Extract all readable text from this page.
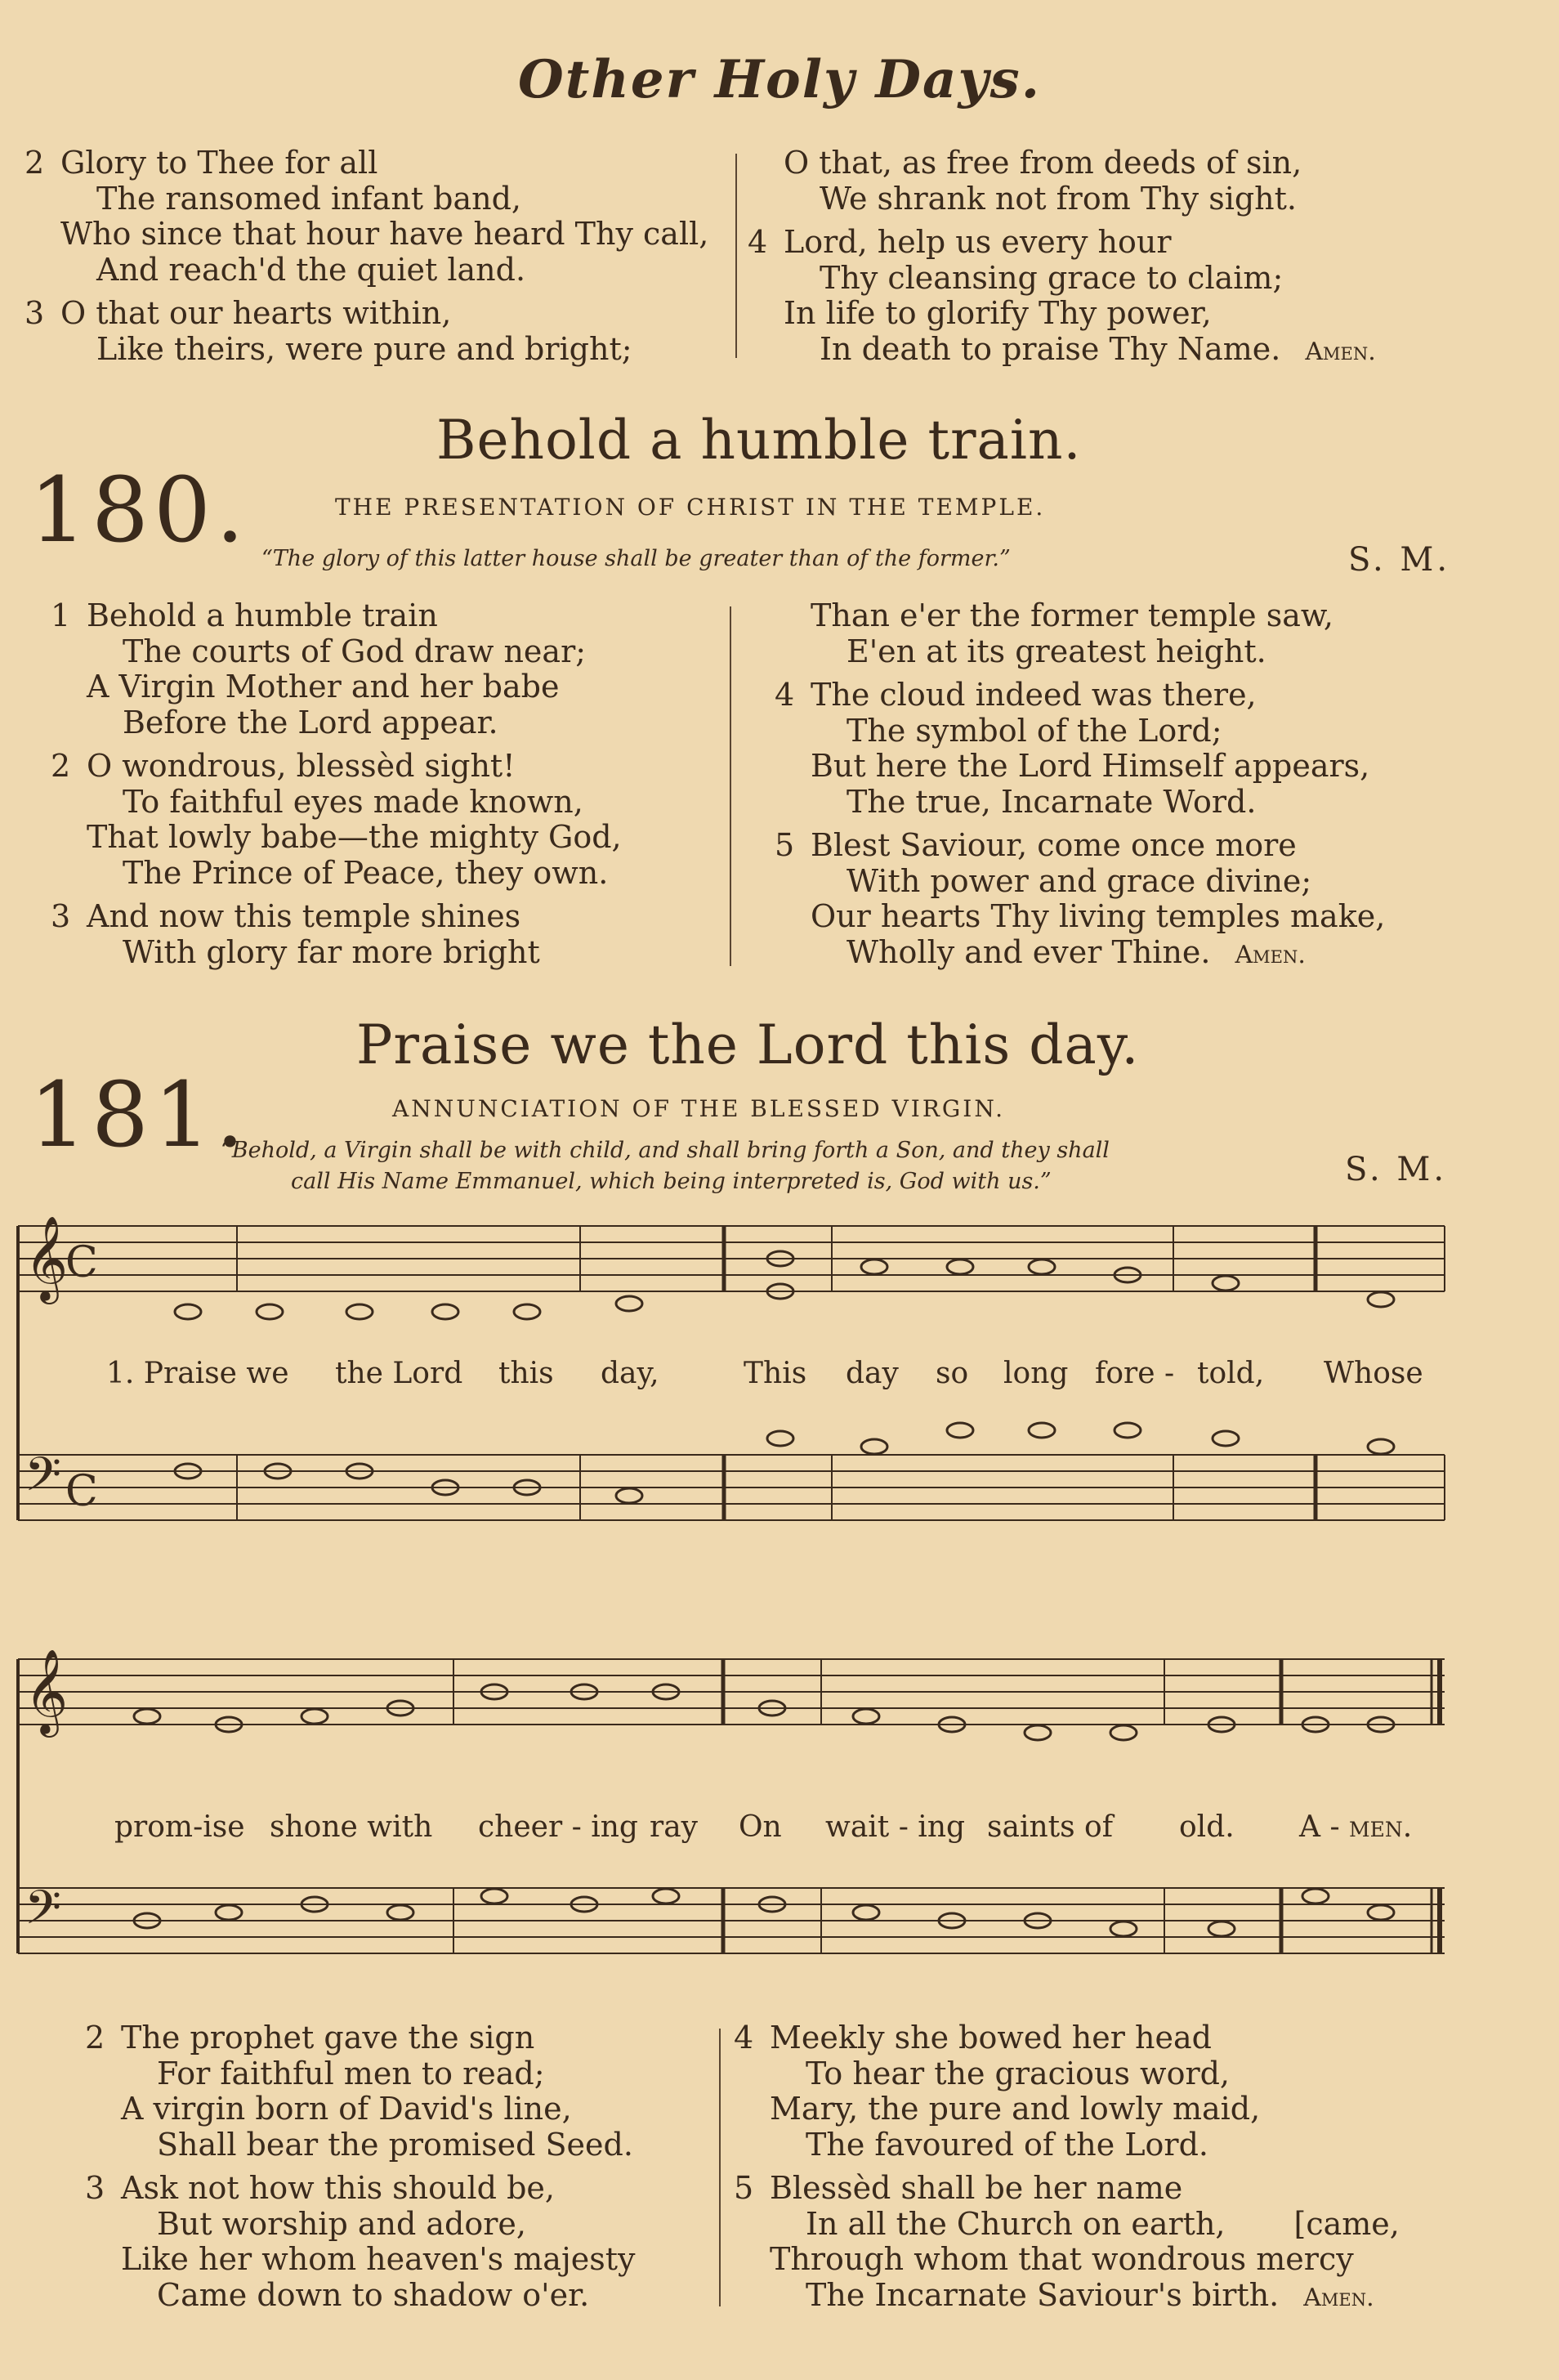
Other Holy Days.
2 Glory to Thee for all
The ransomed infant band,
Who since that hour have heard Thy call,
And reach'd the quiet land.
3 O that our hearts within,
Like theirs, were pure and bright;
O that, as free from deeds of sin,
We shrank not from Thy sight.
4 Lord, help us every hour
Thy cleansing grace to claim;
In life to glorify Thy power,
In death to praise Thy Name. Amen.
Behold a humble train.
180.	THE PRESENTATION OF CHRIST IN THE TEMPLE.
“The glory of this latter house shall be greater than of the former.”	S. M.
1 Behold a humble train
The courts of God draw near;
A Virgin Mother and her babe
Before the Lord appear.
2 O wondrous, blessèd sight!
To faithful eyes made known,
That lowly babe—the mighty God,
The Prince of Peace, they own.
3 And now this temple shines
With glory far more bright
Than e'er the former temple saw,
E'en at its greatest height.
4 The cloud indeed was there,
The symbol of the Lord;
But here the Lord Himself appears,
The true, Incarnate Word.
5 Blest Saviour, come once more
With power and grace divine;
Our hearts Thy living temples make,
Wholly and ever Thine. Amen.
Praise we the Lord this day.
181.	ANNUNCIATION OF THE BLESSED VIRGIN.
“Behold, a Virgin shall be with child, and shall bring forth a Son, and they shall
call His Name Emmanuel, which being interpreted is, God with us.”	S. M.
𝄞
𝄢
C
C
1. Praise we the Lord this day,	This day so long fore - told, Whose
𝄞
𝄢
prom-ise shone with cheer - ing ray On wait - ing saints of old. A - men.
2 The prophet gave the sign
For faithful men to read;
A virgin born of David's line,
Shall bear the promised Seed.
3 Ask not how this should be,
But worship and adore,
Like her whom heaven's majesty
Came down to shadow o'er.
4 Meekly she bowed her head
To hear the gracious word,
Mary, the pure and lowly maid,
The favoured of the Lord.
5 Blessèd shall be her name
In all the Church on earth, [came,
Through whom that wondrous mercy
The Incarnate Saviour's birth. Amen.
